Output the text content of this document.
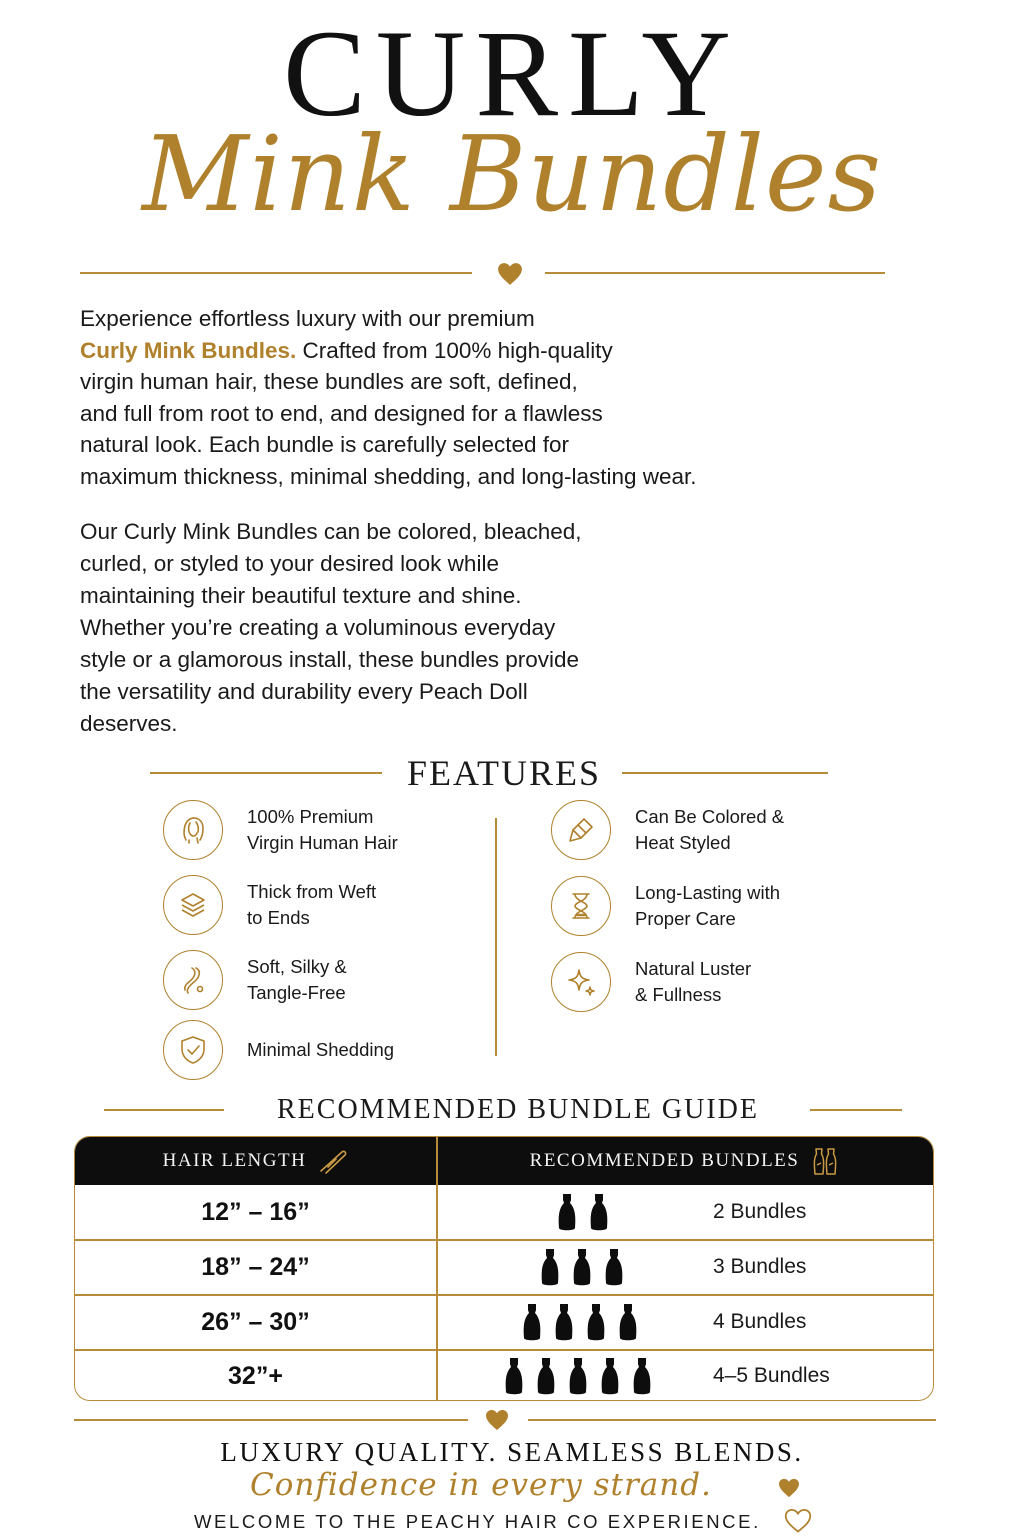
CURLY
Mink Bundles
Experience effortless luxury with our premium
Curly Mink Bundles. Crafted from 100% high-quality
virgin human hair, these bundles are soft, defined,
and full from root to end, and designed for a flawless
natural look. Each bundle is carefully selected for
maximum thickness, minimal shedding, and long-lasting wear.
Our Curly Mink Bundles can be colored, bleached,
curled, or styled to your desired look while
maintaining their beautiful texture and shine.
Whether you’re creating a voluminous everyday
style or a glamorous install, these bundles provide
the versatility and durability every Peach Doll
deserves.
FEATURES
100% Premium
Virgin Human Hair
Thick from Weft
to Ends
Soft, Silky &
Tangle-Free
Minimal Shedding
Can Be Colored &
Heat Styled
Long-Lasting with
Proper Care
Natural Luster
& Fullness
RECOMMENDED BUNDLE GUIDE
HAIR LENGTH	RECOMMENDED BUNDLES
12” – 16”	2 Bundles
18” – 24”	3 Bundles
26” – 30”	4 Bundles
32”+	4–5 Bundles
LUXURY QUALITY. SEAMLESS BLENDS.
Confidence in every strand.
WELCOME TO THE PEACHY HAIR CO EXPERIENCE.
